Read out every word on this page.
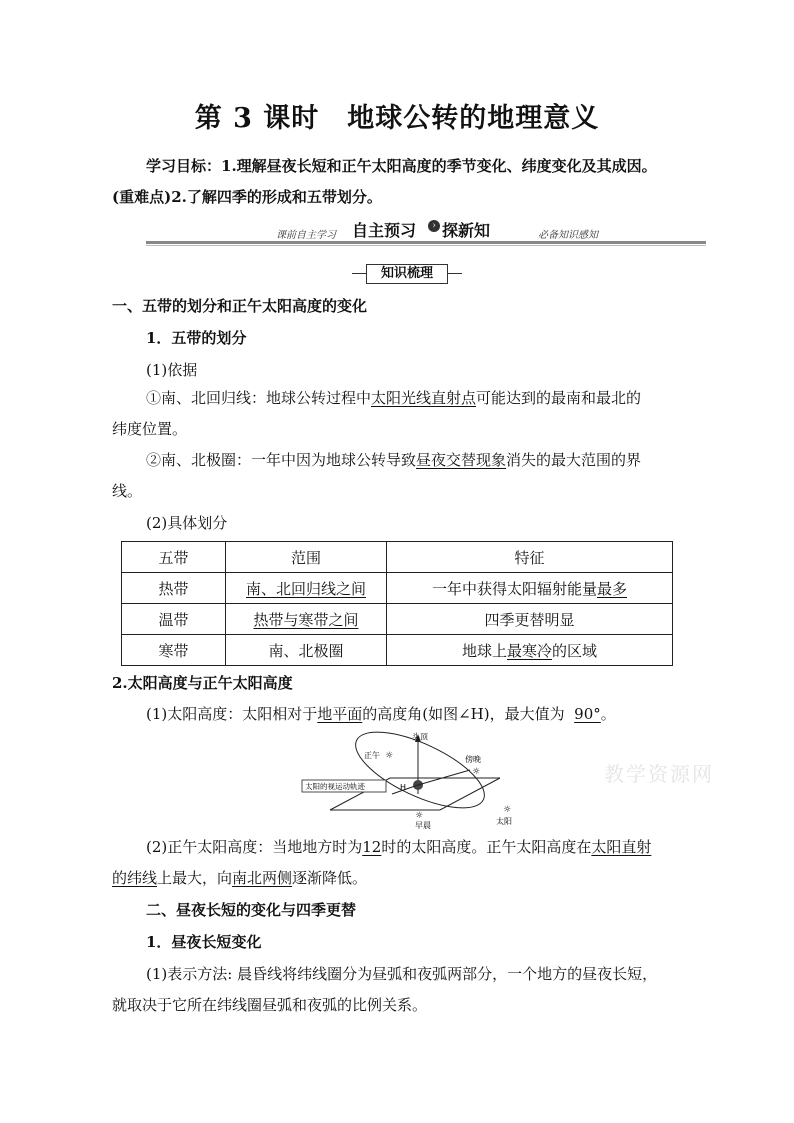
第 3 课时　地球公转的地理意义
学习目标：1.理解昼夜长短和正午太阳高度的季节变化、纬度变化及其成因。
(重难点)2.了解四季的形成和五带划分。
课前自主学习 自主预习	› 探新知	必备知识感知
知识梳理
一、五带的划分和正午太阳高度的变化
1．五带的划分
(1)依据
①南、北回归线：地球公转过程中太阳光线直射点可能达到的最南和最北的
纬度位置。
②南、北极圈：一年中因为地球公转导致昼夜交替现象消失的最大范围的界
线。
(2)具体划分
五带	范围	特征
热带	南、北回归线之间	一年中获得太阳辐射能量最多
温带	热带与寒带之间	四季更替明显
寒带	南、北极圈	地球上最寒冷的区域
2.太阳高度与正午太阳高度
(1)太阳高度：太阳相对于地平面的高度角(如图∠H)，最大值为 90°。
H
头顶
正午 ☼	傍晚
☼
☼
早晨
☼
太阳
太阳的视运动轨迹
教学资源网
(2)正午太阳高度：当地地方时为12时的太阳高度。正午太阳高度在太阳直射
的纬线上最大，向南北两侧逐渐降低。
二、昼夜长短的变化与四季更替
1．昼夜长短变化
(1)表示方法: 晨昏线将纬线圈分为昼弧和夜弧两部分，一个地方的昼夜长短，
就取决于它所在纬线圈昼弧和夜弧的比例关系。
